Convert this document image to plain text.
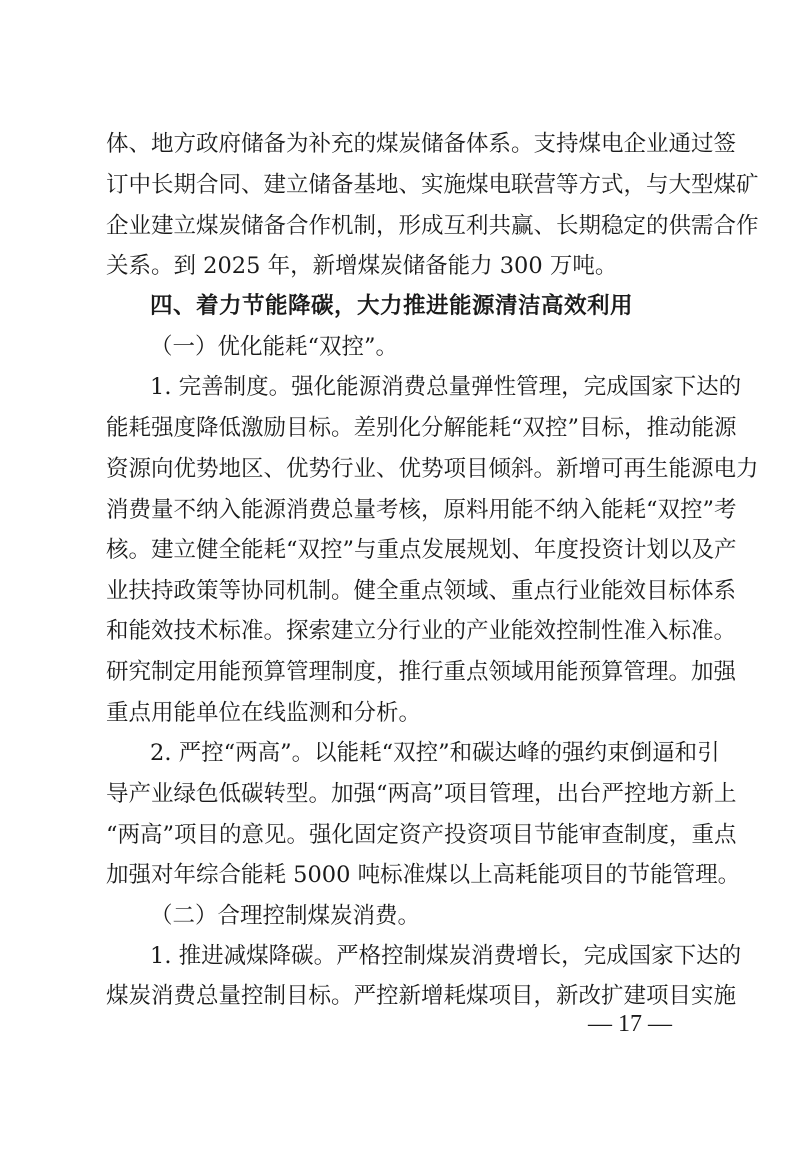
体、地方政府储备为补充的煤炭储备体系。支持煤电企业通过签
订中长期合同、建立储备基地、实施煤电联营等方式，与大型煤矿
企业建立煤炭储备合作机制，形成互利共赢、长期稳定的供需合作
关系。到 2025 年，新增煤炭储备能力 300 万吨。
四、着力节能降碳，大力推进能源清洁高效利用
（一）优化能耗“双控”。
1. 完善制度。强化能源消费总量弹性管理，完成国家下达的
能耗强度降低激励目标。差别化分解能耗“双控”目标，推动能源
资源向优势地区、优势行业、优势项目倾斜。新增可再生能源电力
消费量不纳入能源消费总量考核，原料用能不纳入能耗“双控”考
核。建立健全能耗“双控”与重点发展规划、年度投资计划以及产
业扶持政策等协同机制。健全重点领域、重点行业能效目标体系
和能效技术标准。探索建立分行业的产业能效控制性准入标准。
研究制定用能预算管理制度，推行重点领域用能预算管理。加强
重点用能单位在线监测和分析。
2. 严控“两高”。以能耗“双控”和碳达峰的强约束倒逼和引
导产业绿色低碳转型。加强“两高”项目管理，出台严控地方新上
“两高”项目的意见。强化固定资产投资项目节能审查制度，重点
加强对年综合能耗 5000 吨标准煤以上高耗能项目的节能管理。
（二）合理控制煤炭消费。
1. 推进减煤降碳。严格控制煤炭消费增长，完成国家下达的
煤炭消费总量控制目标。严控新增耗煤项目，新改扩建项目实施
— 17 —
